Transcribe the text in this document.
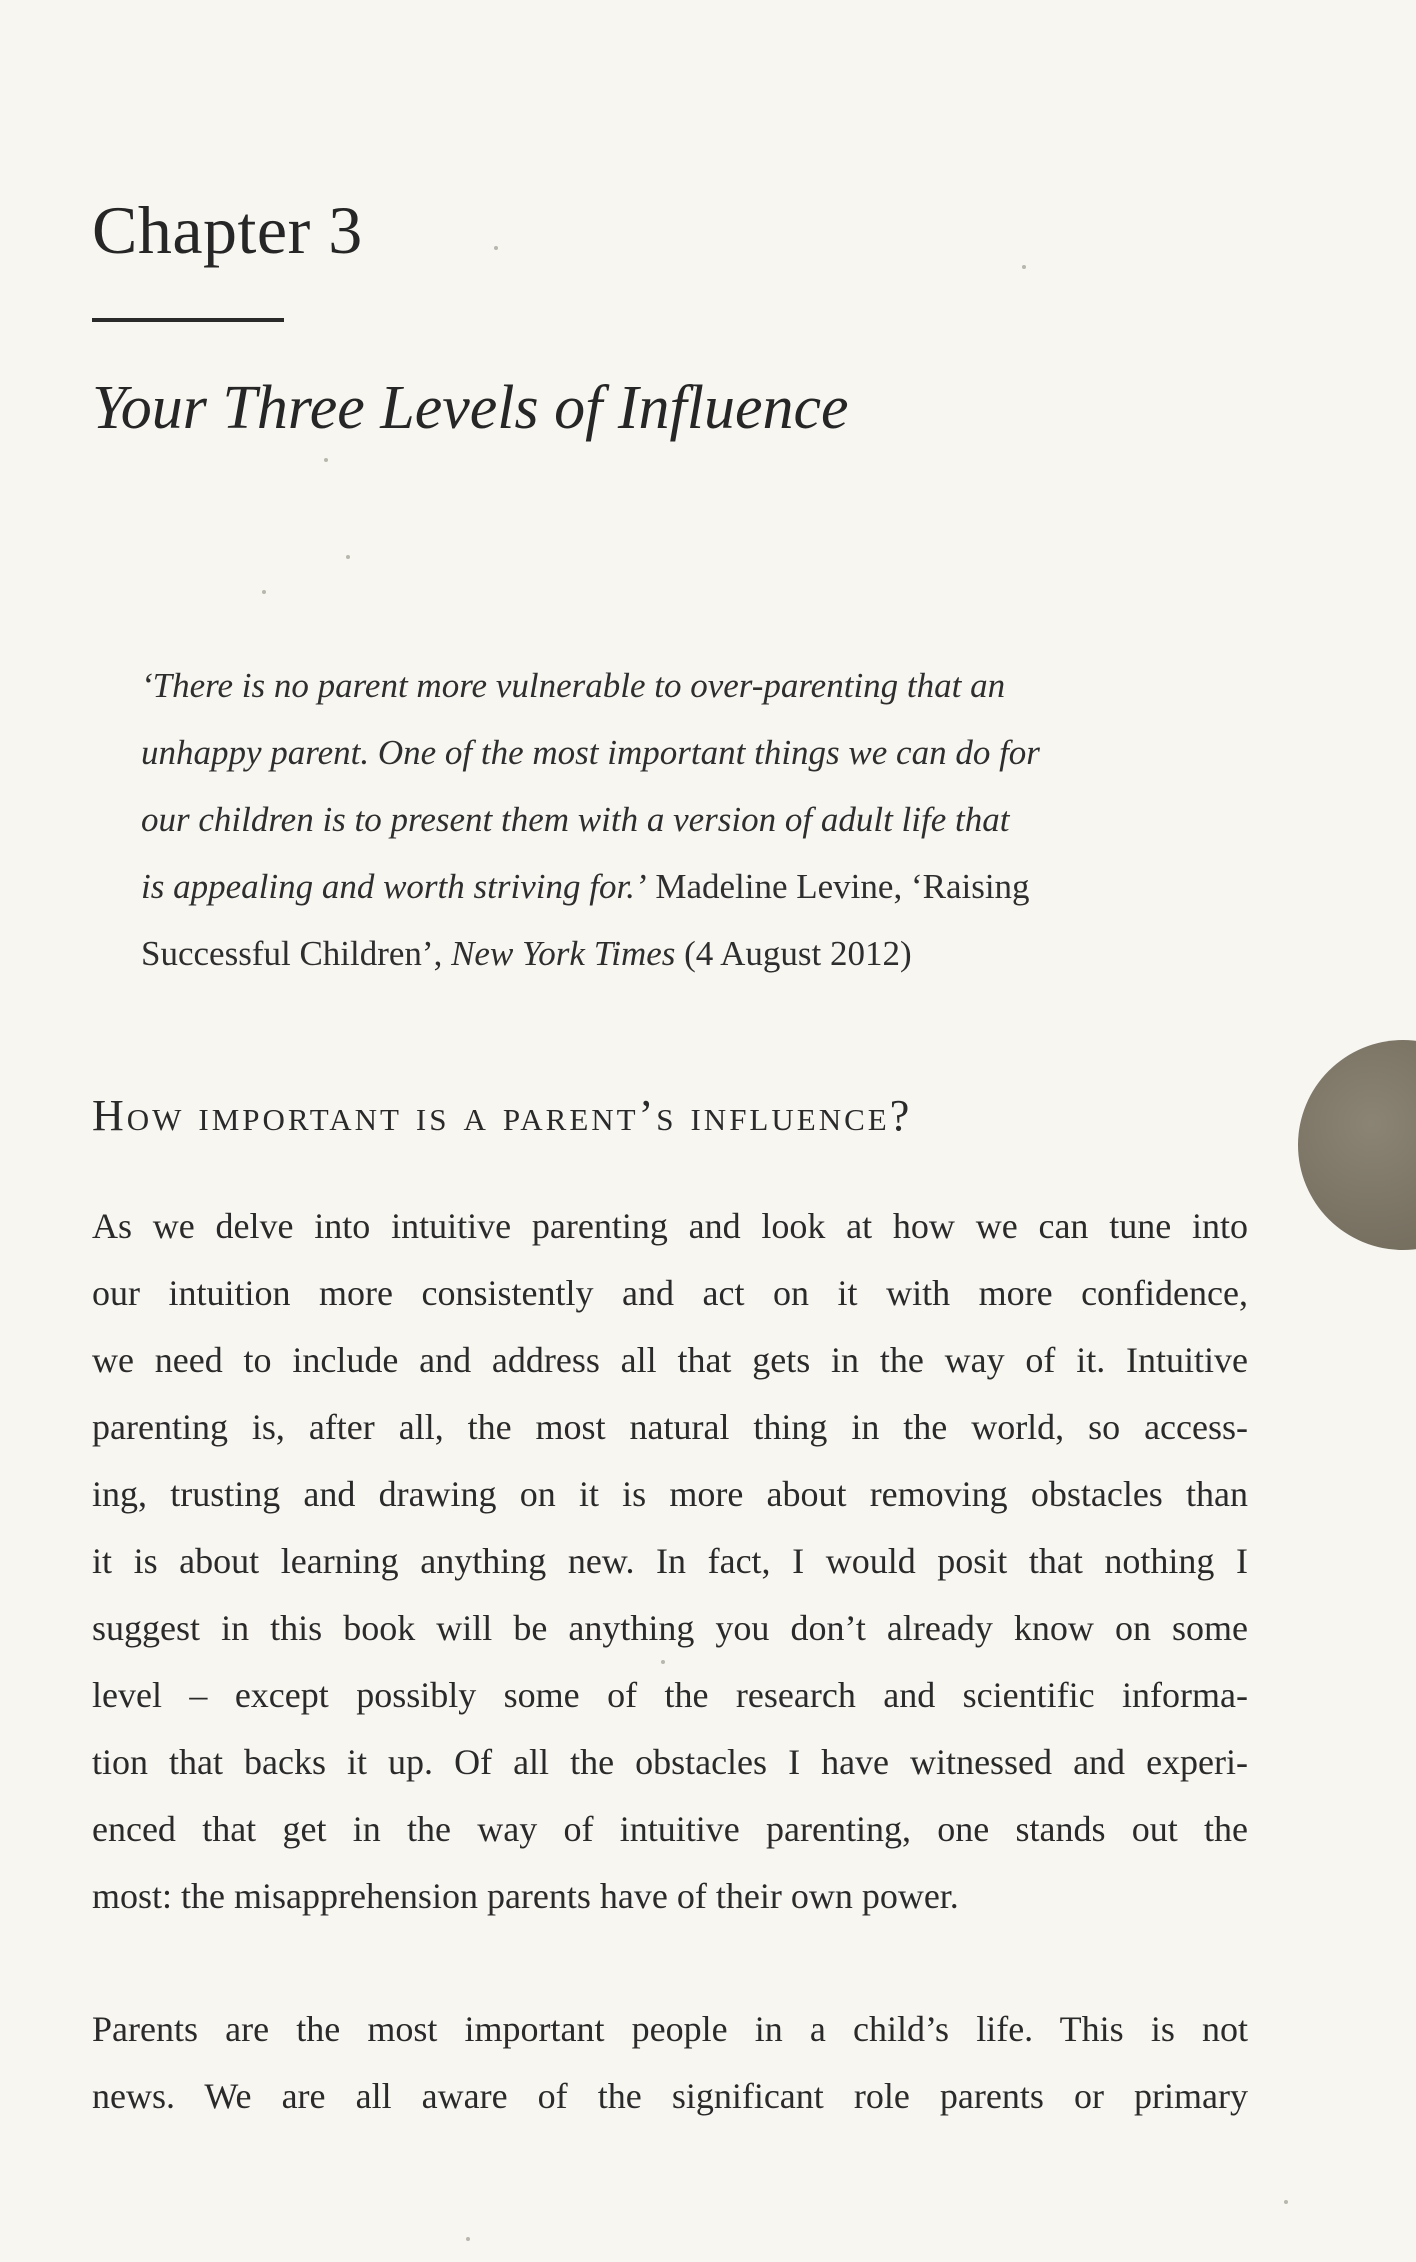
Chapter 3
Your Three Levels of Influence
‘There is no parent more vulnerable to over-parenting that an
unhappy parent. One of the most important things we can do for
our children is to present them with a version of adult life that
is appealing and worth striving for.’ Madeline Levine, ‘Raising
Successful Children’, New York Times (4 August 2012)
How important is a parent’s influence?
As we delve into intuitive parenting and look at how we can tune into
our intuition more consistently and act on it with more confidence,
we need to include and address all that gets in the way of it. Intuitive
parenting is, after all, the most natural thing in the world, so access-
ing, trusting and drawing on it is more about removing obstacles than
it is about learning anything new. In fact, I would posit that nothing I
suggest in this book will be anything you don’t already know on some
level – except possibly some of the research and scientific informa-
tion that backs it up. Of all the obstacles I have witnessed and experi-
enced that get in the way of intuitive parenting, one stands out the
most: the misapprehension parents have of their own power.
Parents are the most important people in a child’s life. This is not
news. We are all aware of the significant role parents or primary
